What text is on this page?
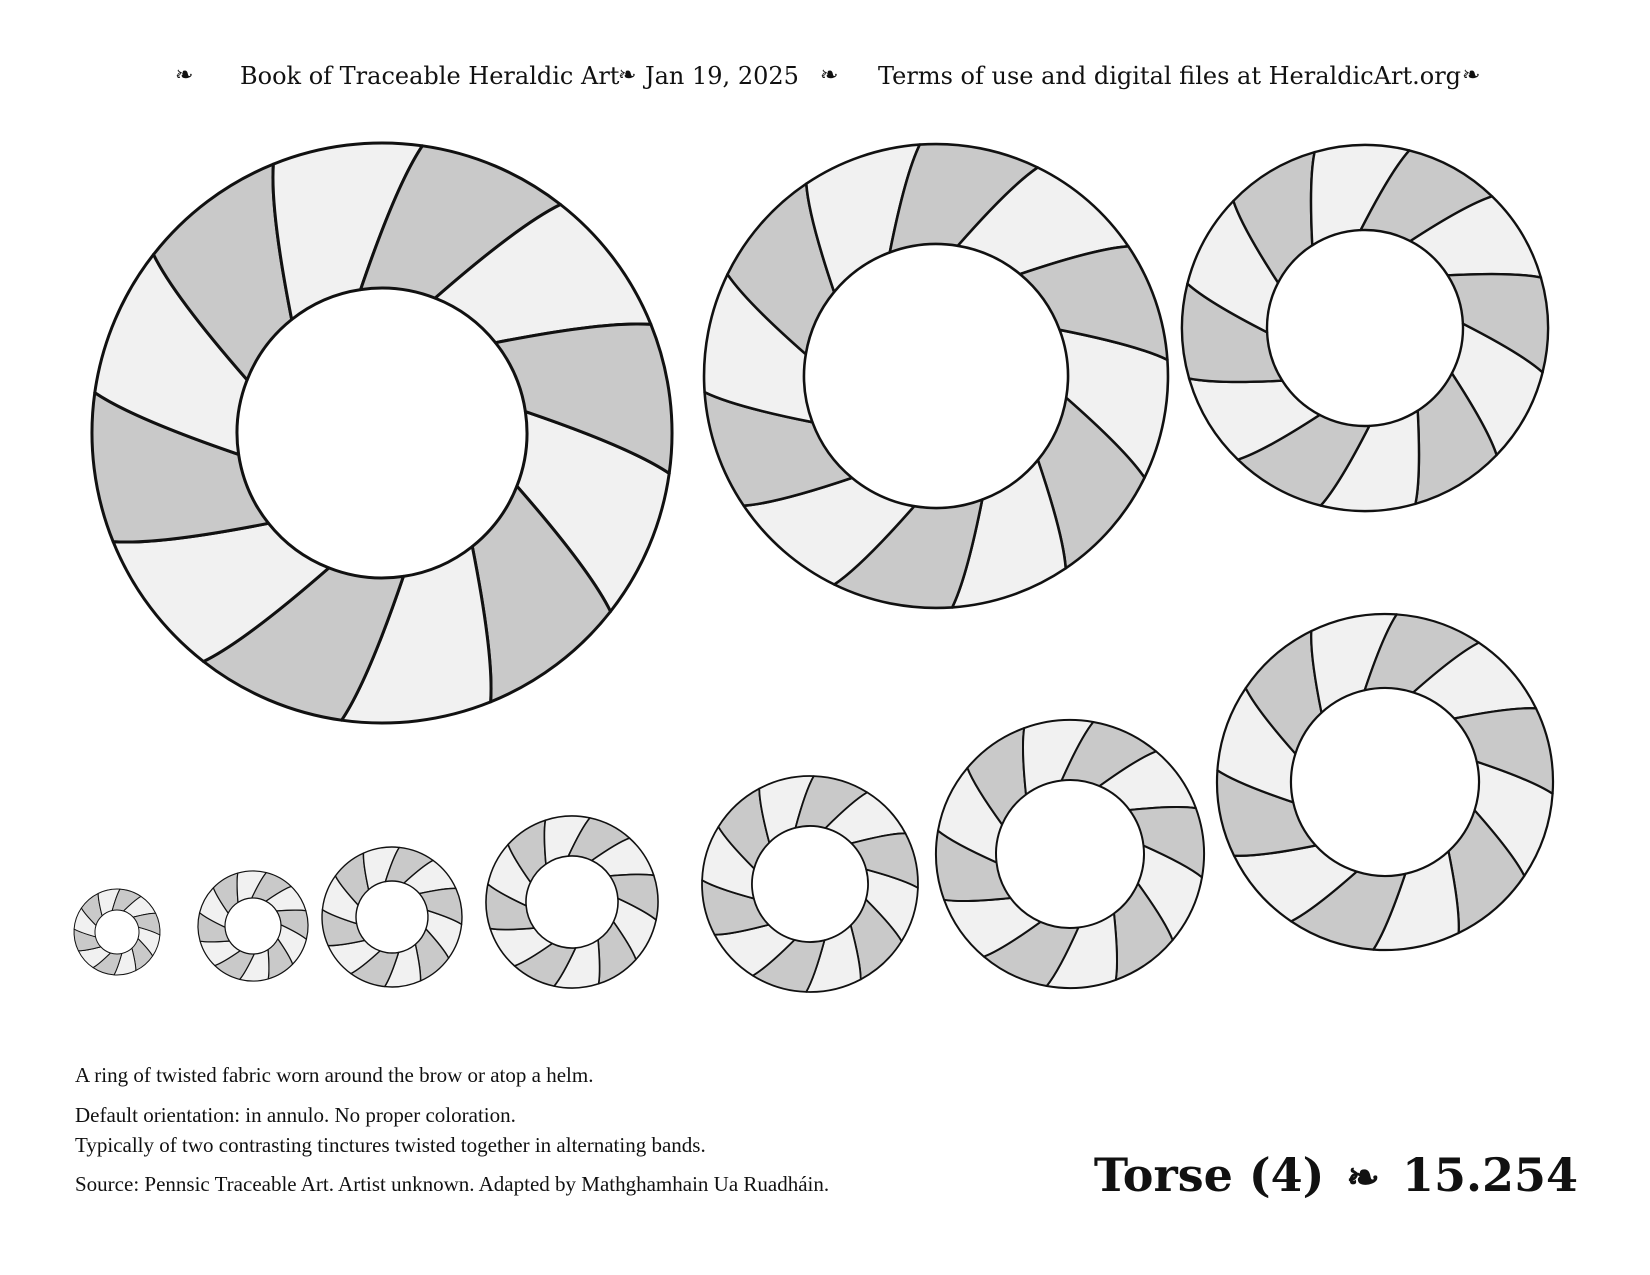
❧ Book of Traceable Heraldic Art
❧ Jan 19, 2025 ❧ Terms of use and digital files at HeraldicArt.org ❧
A ring of twisted fabric worn around the brow or atop a helm.
Default orientation: in annulo. No proper coloration.
Typically of two contrasting tinctures twisted together in alternating bands.
Source: Pennsic Traceable Art. Artist unknown. Adapted by Mathghamhain Ua Ruadháin.	Torse (4) ❧ 15.254
